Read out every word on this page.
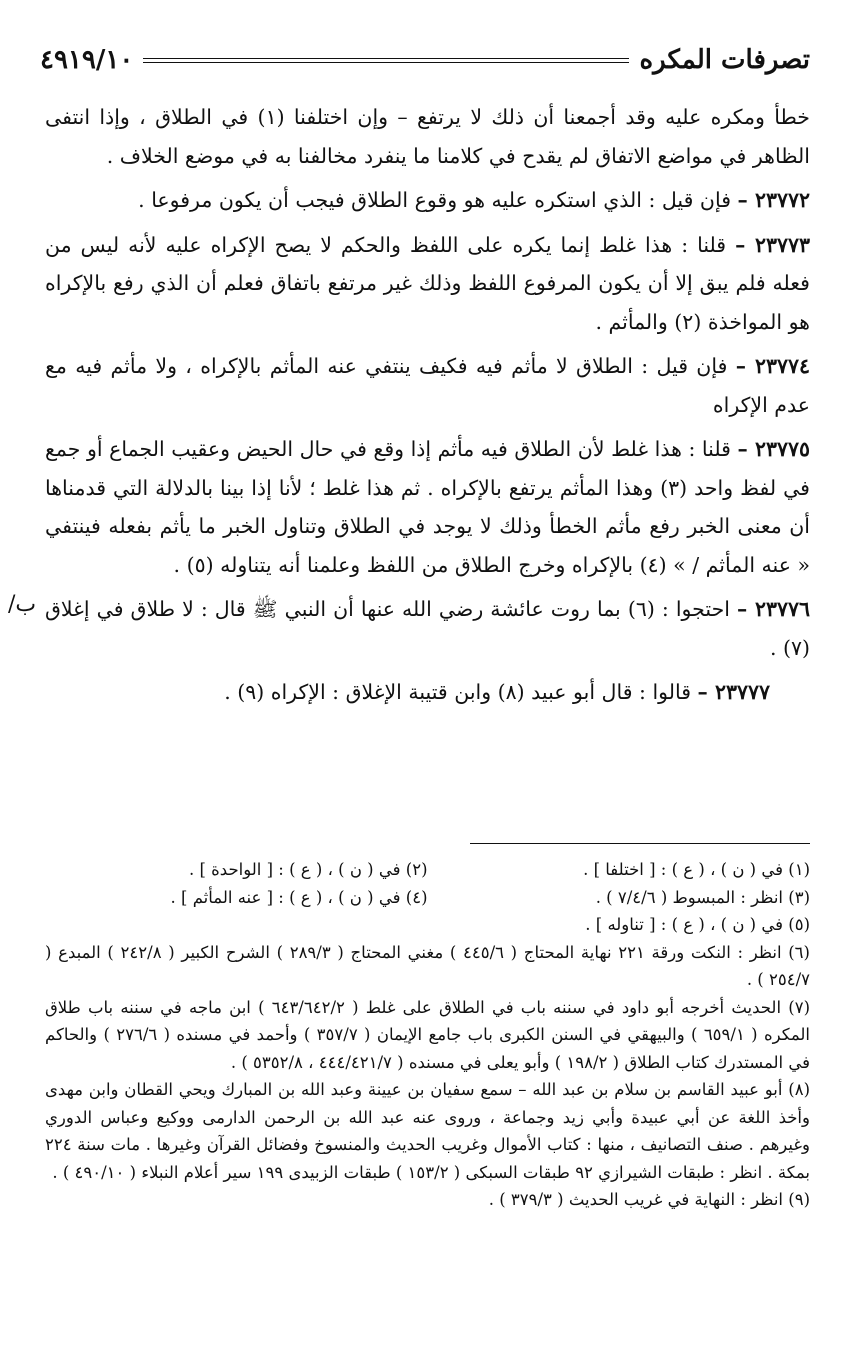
تصرفات المكره
٤٩١٩/١٠
/ب

خطأ ومكره عليه وقد أجمعنا أن ذلك لا يرتفع – وإن اختلفنا (١) في الطلاق ، وإذا انتفى الظاهر في مواضع الاتفاق لم يقدح في كلامنا ما ينفرد مخالفنا به في موضع الخلاف .

٢٣٧٧٢ – فإن قيل : الذي استكره عليه هو وقوع الطلاق فيجب أن يكون مرفوعا .

٢٣٧٧٣ – قلنا : هذا غلط إنما يكره على اللفظ والحكم لا يصح الإكراه عليه لأنه ليس من فعله فلم يبق إلا أن يكون المرفوع اللفظ وذلك غير مرتفع باتفاق فعلم أن الذي رفع بالإكراه هو المواخذة (٢) والمأثم .

٢٣٧٧٤ – فإن قيل : الطلاق لا مأثم فيه فكيف ينتفي عنه المأثم بالإكراه ، ولا مأثم فيه مع عدم الإكراه

٢٣٧٧٥ – قلنا : هذا غلط لأن الطلاق فيه مأثم إذا وقع في حال الحيض وعقيب الجماع أو جمع في لفظ واحد (٣) وهذا المأثم يرتفع بالإكراه . ثم هذا غلط ؛ لأنا إذا بينا بالدلالة التي قدمناها أن معنى الخبر رفع مأثم الخطأ وذلك لا يوجد في الطلاق وتناول الخبر ما يأثم بفعله فينتفي « عنه المأثم / » (٤) بالإكراه وخرج الطلاق من اللفظ وعلمنا أنه يتناوله (٥) .

٢٣٧٧٦ – احتجوا : (٦) بما روت عائشة رضي الله عنها أن النبي ﷺ قال : لا طلاق في إغلاق (٧) .

٢٣٧٧٧ – قالوا : قال أبو عبيد (٨) وابن قتيبة الإغلاق : الإكراه (٩) .

(١) في ( ن ) ، ( ع ) : [ اختلفا ] .
(٢) في ( ن ) ، ( ع ) : [ الواحدة ] .
(٣) انظر : المبسوط ( ٧/٤/٦ ) .
(٤) في ( ن ) ، ( ع ) : [ عنه المأثم ] .

(٥) في ( ن ) ، ( ع ) : [ تناوله ] .

(٦) انظر : النكت ورقة ٢٢١ نهاية المحتاج ( ٤٤٥/٦ ) مغني المحتاج ( ٢٨٩/٣ ) الشرح الكبير ( ٢٤٢/٨ ) المبدع ( ٢٥٤/٧ ) .

(٧) الحديث أخرجه أبو داود في سننه باب في الطلاق على غلط ( ٦٤٣/٦٤٢/٢ ) ابن ماجه في سننه باب طلاق المكره ( ٦٥٩/١ ) والبيهقي في السنن الكبرى باب جامع الإيمان ( ٣٥٧/٧ ) وأحمد في مسنده ( ٢٧٦/٦ ) والحاكم في المستدرك كتاب الطلاق ( ١٩٨/٢ ) وأبو يعلى في مسنده ( ٤٤٤/٤٢١/٧ ، ٥٣٥٢/٨ ) .

(٨) أبو عبيد القاسم بن سلام بن عبد الله – سمع سفيان بن عيينة وعبد الله بن المبارك ويحي القطان وابن مهدى وأخذ اللغة عن أبي عبيدة وأبي زيد وجماعة ، وروى عنه عبد الله بن الرحمن الدارمى ووكيع وعباس الدوري وغيرهم . صنف التصانيف ، منها : كتاب الأموال وغريب الحديث والمنسوخ وفضائل القرآن وغيرها . مات سنة ٢٢٤ بمكة . انظر : طبقات الشيرازي ٩٢ طبقات السبكى ( ١٥٣/٢ ) طبقات الزبيدى ١٩٩ سير أعلام النبلاء ( ٤٩٠/١٠ ) .

(٩) انظر : النهاية في غريب الحديث ( ٣٧٩/٣ ) .
